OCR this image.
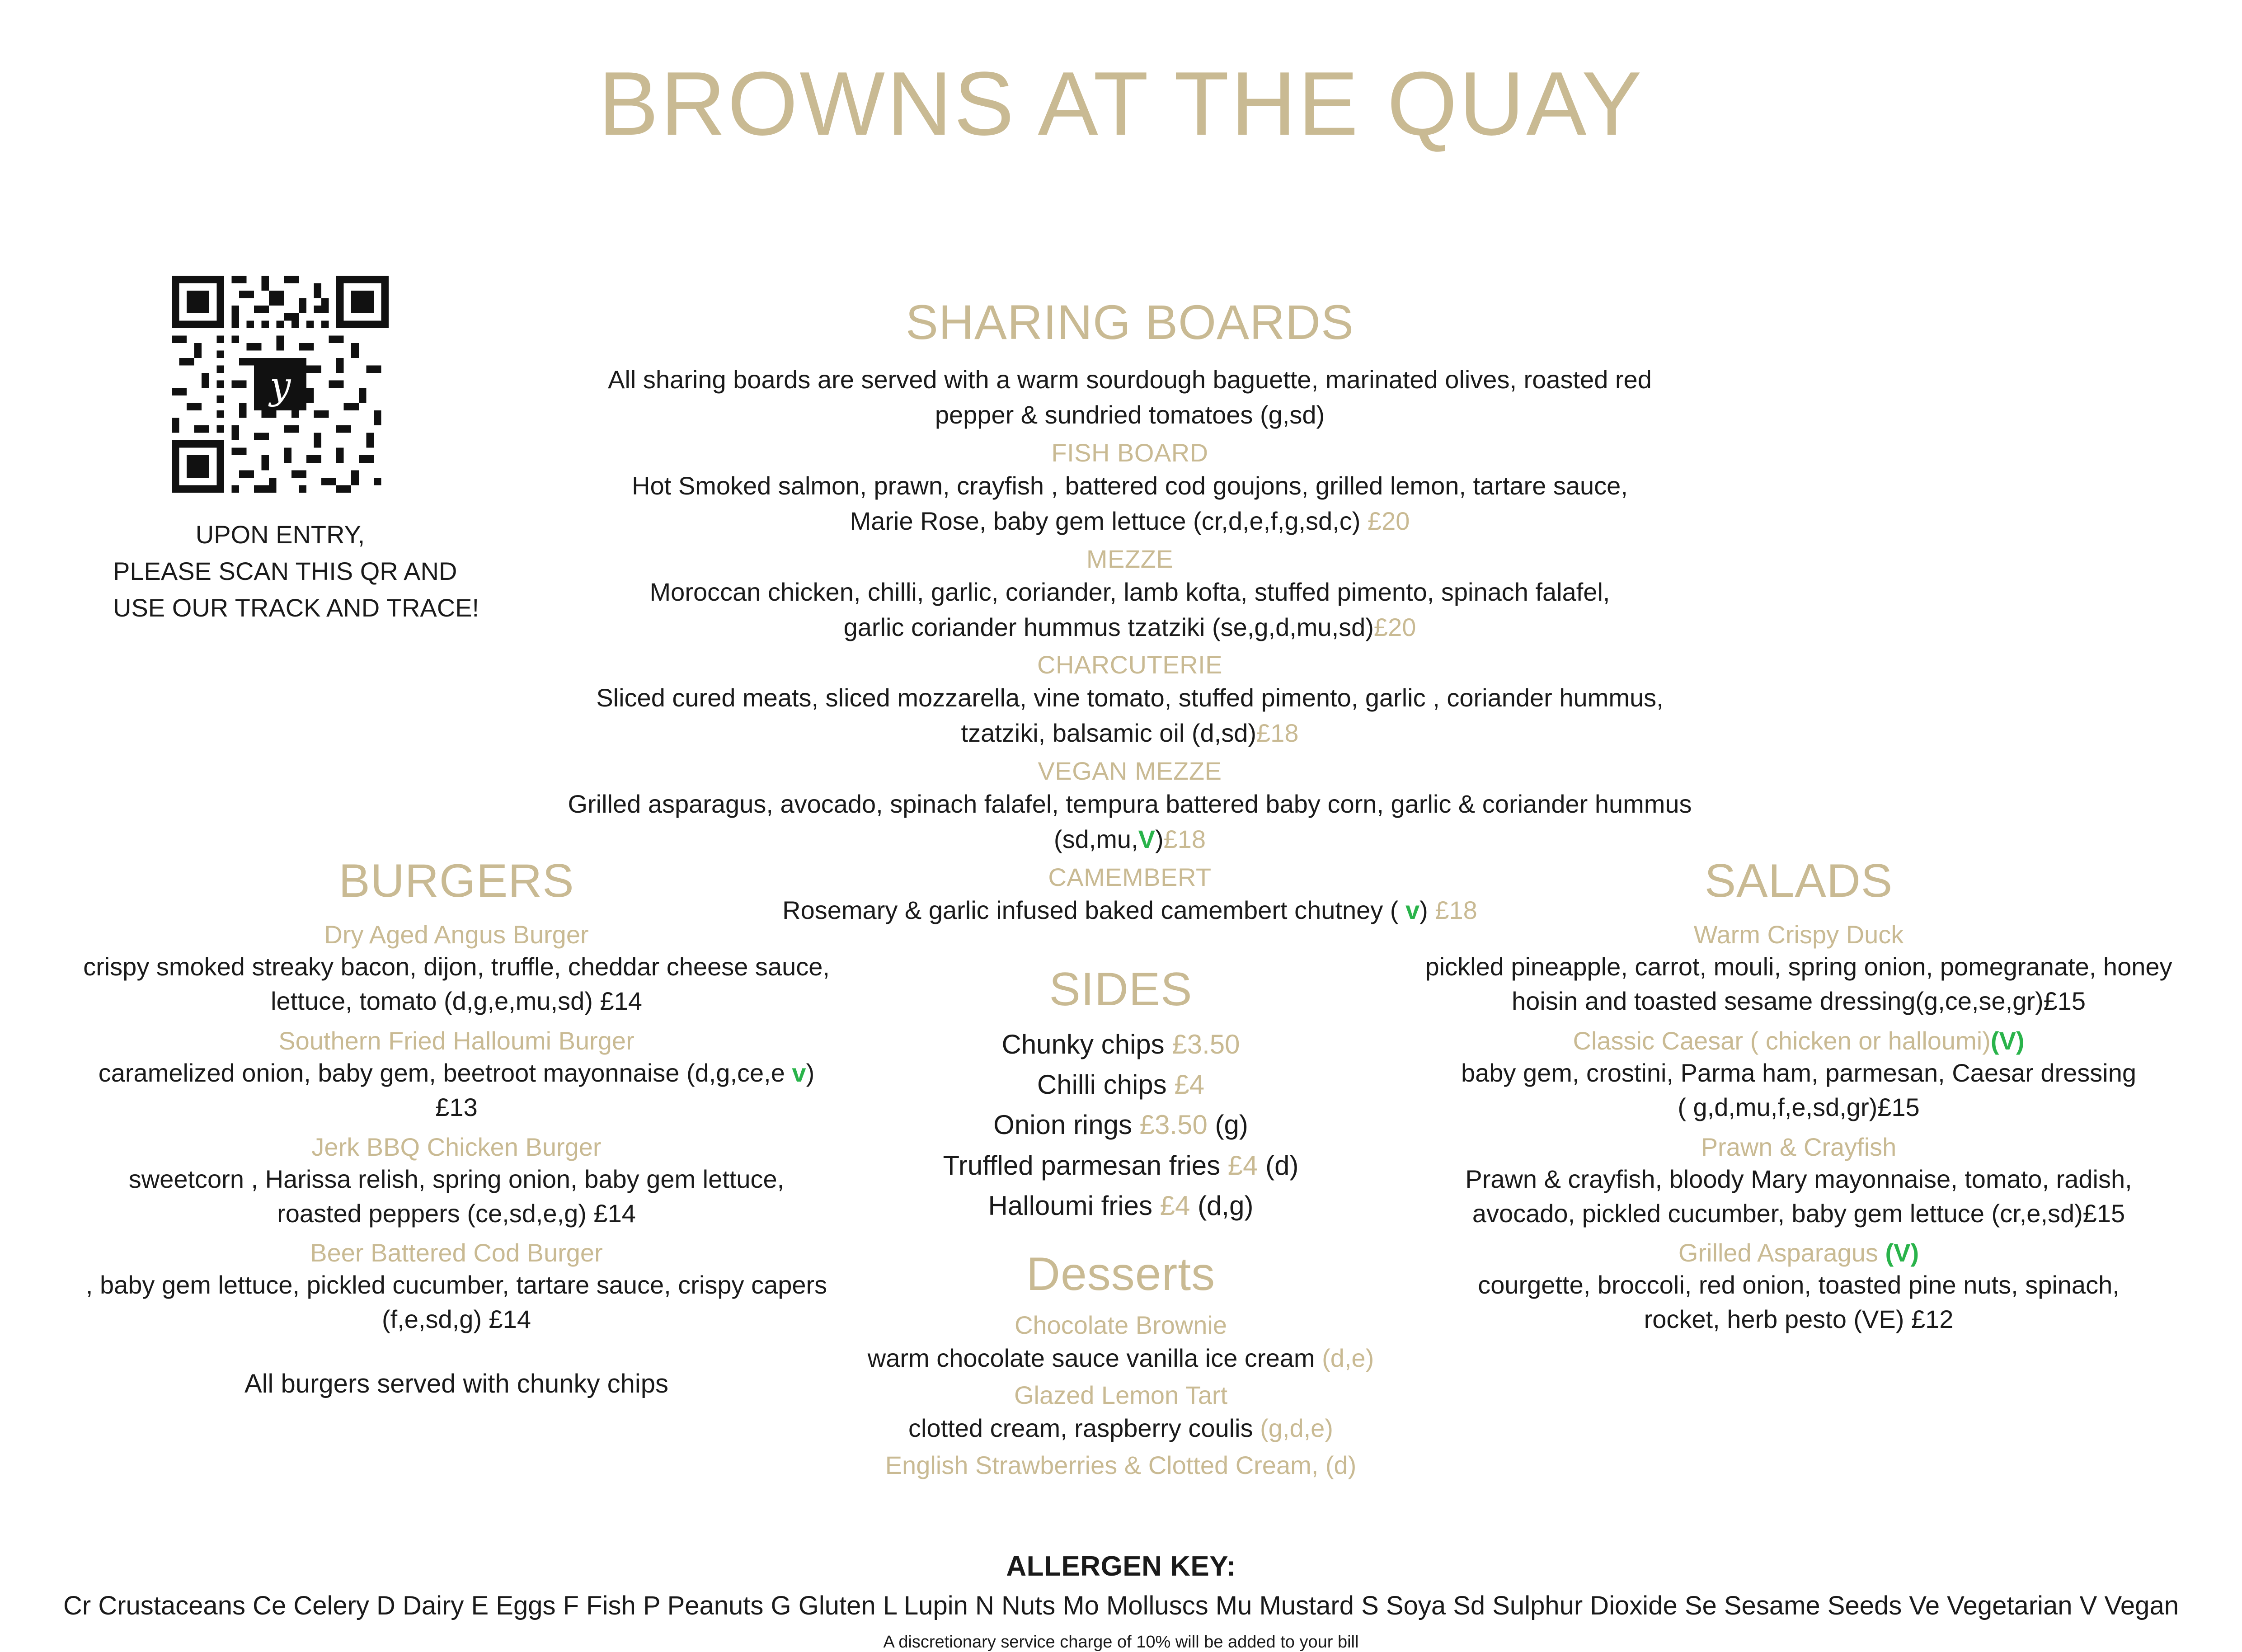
BROWNS AT THE QUAY
y
UPON ENTRY,
PLEASE SCAN THIS QR AND
USE OUR TRACK AND TRACE!
SHARING BOARDS
All sharing boards are served with a warm sourdough baguette, marinated olives, roasted red
pepper & sundried tomatoes (g,sd)
FISH BOARD
Hot Smoked salmon, prawn, crayfish , battered cod goujons, grilled lemon, tartare sauce,
Marie Rose, baby gem lettuce (cr,d,e,f,g,sd,c) £20
MEZZE
Moroccan chicken, chilli, garlic, coriander, lamb kofta, stuffed pimento, spinach falafel,
garlic coriander hummus tzatziki (se,g,d,mu,sd)£20
CHARCUTERIE
Sliced cured meats, sliced mozzarella, vine tomato, stuffed pimento, garlic , coriander hummus,
tzatziki, balsamic oil (d,sd)£18
VEGAN MEZZE
Grilled asparagus, avocado, spinach falafel, tempura battered baby corn, garlic & coriander hummus
(sd,mu,V)£18
CAMEMBERT
Rosemary & garlic infused baked camembert chutney ( v) £18
BURGERS
Dry Aged Angus Burger
crispy smoked streaky bacon, dijon, truffle, cheddar cheese sauce,
lettuce, tomato (d,g,e,mu,sd) £14
Southern Fried Halloumi Burger
caramelized onion, baby gem, beetroot mayonnaise (d,g,ce,e v)
£13
Jerk BBQ Chicken Burger
sweetcorn , Harissa relish, spring onion, baby gem lettuce,
roasted peppers (ce,sd,e,g) £14
Beer Battered Cod Burger
, baby gem lettuce, pickled cucumber, tartare sauce, crispy capers
(f,e,sd,g) £14
All burgers served with chunky chips
SIDES
Chunky chips £3.50
Chilli chips £4
Onion rings £3.50 (g)
Truffled parmesan fries £4 (d)
Halloumi fries £4 (d,g)
Desserts
Chocolate Brownie
warm chocolate sauce vanilla ice cream (d,e)
Glazed Lemon Tart
clotted cream, raspberry coulis (g,d,e)
English Strawberries & Clotted Cream, (d)
SALADS
Warm Crispy Duck
pickled pineapple, carrot, mouli, spring onion, pomegranate, honey
hoisin and toasted sesame dressing(g,ce,se,gr)£15
Classic Caesar ( chicken or halloumi)(V)
baby gem, crostini, Parma ham, parmesan, Caesar dressing
( g,d,mu,f,e,sd,gr)£15
Prawn & Crayfish
Prawn & crayfish, bloody Mary mayonnaise, tomato, radish,
avocado, pickled cucumber, baby gem lettuce (cr,e,sd)£15
Grilled Asparagus (V)
courgette, broccoli, red onion, toasted pine nuts, spinach,
rocket, herb pesto (VE) £12
ALLERGEN KEY:
Cr Crustaceans Ce Celery D Dairy E Eggs F Fish P Peanuts G Gluten L Lupin N Nuts Mo Molluscs Mu Mustard S Soya Sd Sulphur Dioxide Se Sesame Seeds Ve Vegetarian V Vegan
A discretionary service charge of 10% will be added to your bill
